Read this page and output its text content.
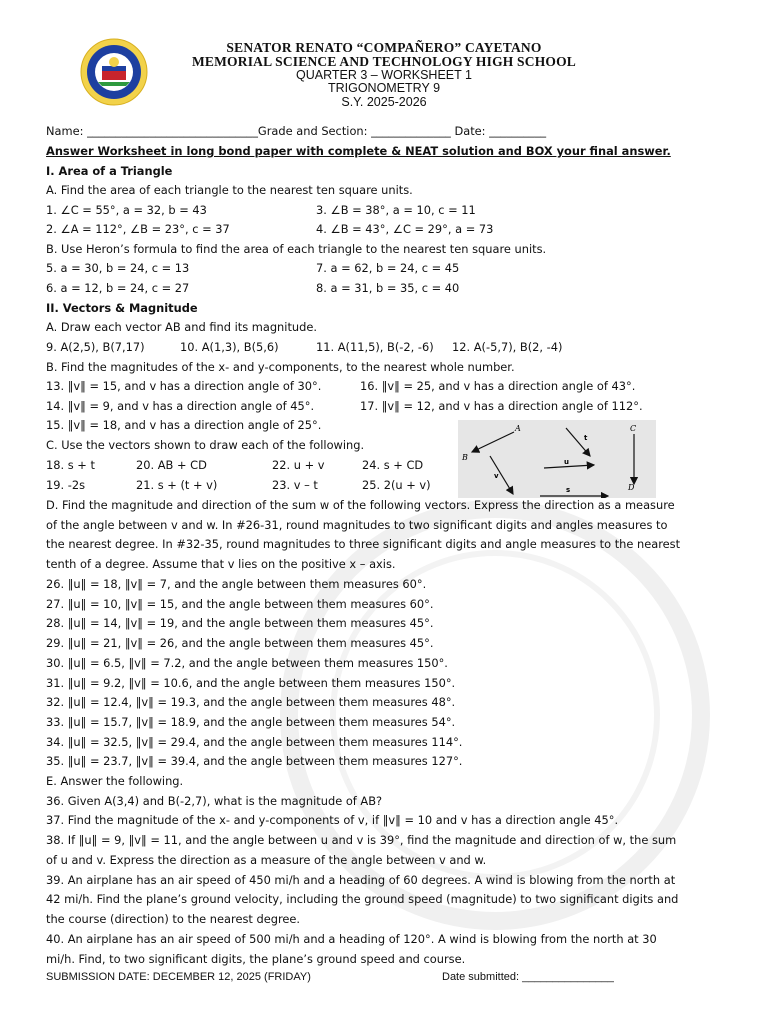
SENATOR RENATO “COMPAÑERO” CAYETANO
MEMORIAL SCIENCE AND TECHNOLOGY HIGH SCHOOL
QUARTER 3 – WORKSHEET 1
TRIGONOMETRY 9
S.Y. 2025-2026
Name: ______________________________Grade and Section: ______________ Date: __________
Answer Worksheet in long bond paper with complete & NEAT solution and BOX your final answer.
I. Area of a Triangle
A. Find the area of each triangle to the nearest ten square units.
1. ∠C = 55°, a = 32, b = 43	3. ∠B = 38°, a = 10, c = 11
2. ∠A = 112°, ∠B = 23°, c = 37	4. ∠B = 43°, ∠C = 29°, a = 73
B. Use Heron’s formula to find the area of each triangle to the nearest ten square units.
5. a = 30, b = 24, c = 13	7. a = 62, b = 24, c = 45
6. a = 12, b = 24, c = 27	8. a = 31, b = 35, c = 40
II. Vectors & Magnitude
A. Draw each vector AB and find its magnitude.
9. A(2,5), B(7,17)	10. A(1,3), B(5,6)	11. A(11,5), B(-2, -6) 12. A(-5,7), B(2, -4)
B. Find the magnitudes of the x- and y-components, to the nearest whole number.
13. ‖v‖ = 15, and v has a direction angle of 30°.	16. ‖v‖ = 25, and v has a direction angle of 43°.
14. ‖v‖ = 9, and v has a direction angle of 45°.	17. ‖v‖ = 12, and v has a direction angle of 112°.
15. ‖v‖ = 18, and v has a direction angle of 25°.
C. Use the vectors shown to draw each of the following.
18. s + t	20. AB + CD	22. u + v	24. s + CD
19. -2s	21. s + (t + v)	23. v – t	25. 2(u + v)
A
B
C
D
t
u
v
s
D. Find the magnitude and direction of the sum w of the following vectors. Express the direction as a measure
of the angle between v and w. In #26-31, round magnitudes to two significant digits and angles measures to
the nearest degree. In #32-35, round magnitudes to three significant digits and angle measures to the nearest
tenth of a degree. Assume that v lies on the positive x – axis.
26. ‖u‖ = 18, ‖v‖ = 7, and the angle between them measures 60°.
27. ‖u‖ = 10, ‖v‖ = 15, and the angle between them measures 60°.
28. ‖u‖ = 14, ‖v‖ = 19, and the angle between them measures 45°.
29. ‖u‖ = 21, ‖v‖ = 26, and the angle between them measures 45°.
30. ‖u‖ = 6.5, ‖v‖ = 7.2, and the angle between them measures 150°.
31. ‖u‖ = 9.2, ‖v‖ = 10.6, and the angle between them measures 150°.
32. ‖u‖ = 12.4, ‖v‖ = 19.3, and the angle between them measures 48°.
33. ‖u‖ = 15.7, ‖v‖ = 18.9, and the angle between them measures 54°.
34. ‖u‖ = 32.5, ‖v‖ = 29.4, and the angle between them measures 114°.
35. ‖u‖ = 23.7, ‖v‖ = 39.4, and the angle between them measures 127°.
E. Answer the following.
36. Given A(3,4) and B(-2,7), what is the magnitude of AB?
37. Find the magnitude of the x- and y-components of v, if ‖v‖ = 10 and v has a direction angle 45°.
38. If ‖u‖ = 9, ‖v‖ = 11, and the angle between u and v is 39°, find the magnitude and direction of w, the sum
of u and v. Express the direction as a measure of the angle between v and w.
39. An airplane has an air speed of 450 mi/h and a heading of 60 degrees. A wind is blowing from the north at
42 mi/h. Find the plane’s ground velocity, including the ground speed (magnitude) to two significant digits and
the course (direction) to the nearest degree.
40. An airplane has an air speed of 500 mi/h and a heading of 120°. A wind is blowing from the north at 30
mi/h. Find, to two significant digits, the plane’s ground speed and course.
SUBMISSION DATE: DECEMBER 12, 2025 (FRIDAY)	Date submitted: _______________
